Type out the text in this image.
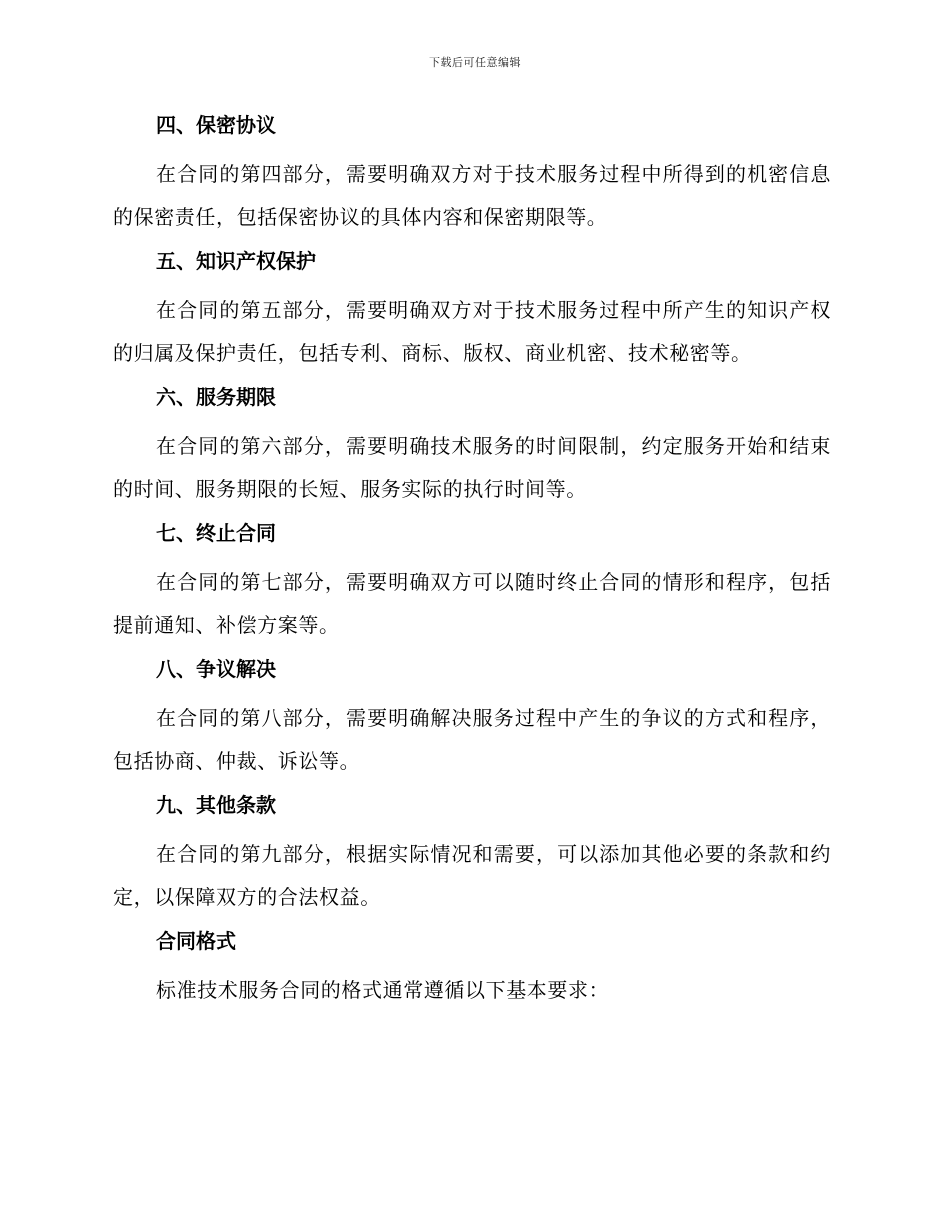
下载后可任意编辑

四、保密协议

在合同的第四部分，需要明确双方对于技术服务过程中所得到的机密信息的保密责任，包括保密协议的具体内容和保密期限等。

五、知识产权保护

在合同的第五部分，需要明确双方对于技术服务过程中所产生的知识产权的归属及保护责任，包括专利、商标、版权、商业机密、技术秘密等。

六、服务期限

在合同的第六部分，需要明确技术服务的时间限制，约定服务开始和结束的时间、服务期限的长短、服务实际的执行时间等。

七、终止合同

在合同的第七部分，需要明确双方可以随时终止合同的情形和程序，包括提前通知、补偿方案等。

八、争议解决

在合同的第八部分，需要明确解决服务过程中产生的争议的方式和程序，包括协商、仲裁、诉讼等。

九、其他条款

在合同的第九部分，根据实际情况和需要，可以添加其他必要的条款和约定，以保障双方的合法权益。

合同格式

标准技术服务合同的格式通常遵循以下基本要求：
